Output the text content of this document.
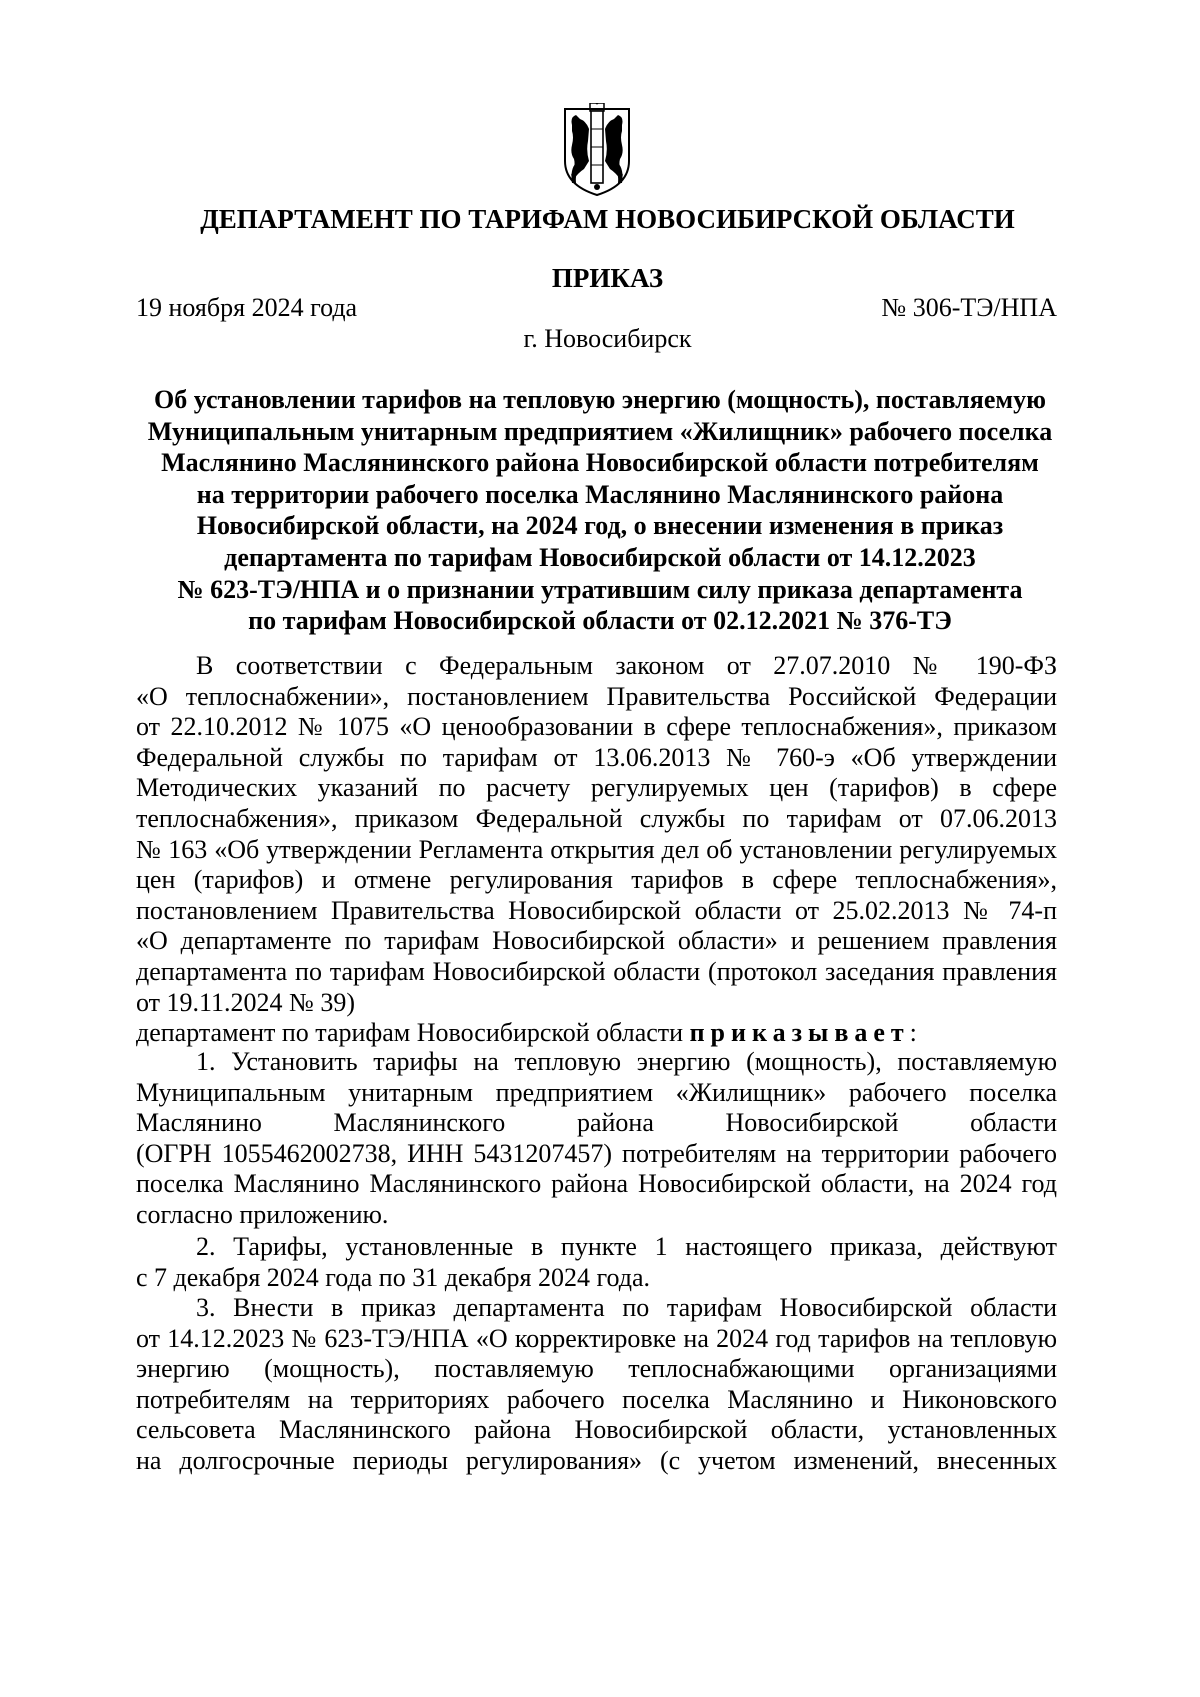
ДЕПАРТАМЕНТ ПО ТАРИФАМ НОВОСИБИРСКОЙ ОБЛАСТИ
ПРИКАЗ
19 ноября 2024 года	№ 306-ТЭ/НПА
г. Новосибирск
Об установлении тарифов на тепловую энергию (мощность), поставляемую
Муниципальным унитарным предприятием «Жилищник» рабочего поселка
Маслянино Маслянинского района Новосибирской области потребителям
на территории рабочего поселка Маслянино Маслянинского района
Новосибирской области, на 2024 год, о внесении изменения в приказ
департамента по тарифам Новосибирской области от 14.12.2023
№ 623-ТЭ/НПА и о признании утратившим силу приказа департамента
по тарифам Новосибирской области от 02.12.2021 № 376-ТЭ
В соответствии с Федеральным законом от 27.07.2010 № 190-ФЗ
«О теплоснабжении», постановлением Правительства Российской Федерации
от 22.10.2012 № 1075 «О ценообразовании в сфере теплоснабжения», приказом
Федеральной службы по тарифам от 13.06.2013 № 760-э «Об утверждении
Методических указаний по расчету регулируемых цен (тарифов) в сфере
теплоснабжения», приказом Федеральной службы по тарифам от 07.06.2013
№ 163 «Об утверждении Регламента открытия дел об установлении регулируемых
цен (тарифов) и отмене регулирования тарифов в сфере теплоснабжения»,
постановлением Правительства Новосибирской области от 25.02.2013 № 74-п
«О департаменте по тарифам Новосибирской области» и решением правления
департамента по тарифам Новосибирской области (протокол заседания правления
от 19.11.2024 № 39)
департамент по тарифам Новосибирской области приказывает:
1. Установить тарифы на тепловую энергию (мощность), поставляемую
Муниципальным унитарным предприятием «Жилищник» рабочего поселка
Маслянино Маслянинского района Новосибирской области
(ОГРН 1055462002738, ИНН 5431207457) потребителям на территории рабочего
поселка Маслянино Маслянинского района Новосибирской области, на 2024 год
согласно приложению.
2. Тарифы, установленные в пункте 1 настоящего приказа, действуют
с 7 декабря 2024 года по 31 декабря 2024 года.
3. Внести в приказ департамента по тарифам Новосибирской области
от 14.12.2023 № 623-ТЭ/НПА «О корректировке на 2024 год тарифов на тепловую
энергию (мощность), поставляемую теплоснабжающими организациями
потребителям на территориях рабочего поселка Маслянино и Никоновского
сельсовета Маслянинского района Новосибирской области, установленных
на долгосрочные периоды регулирования» (с учетом изменений, внесенных
